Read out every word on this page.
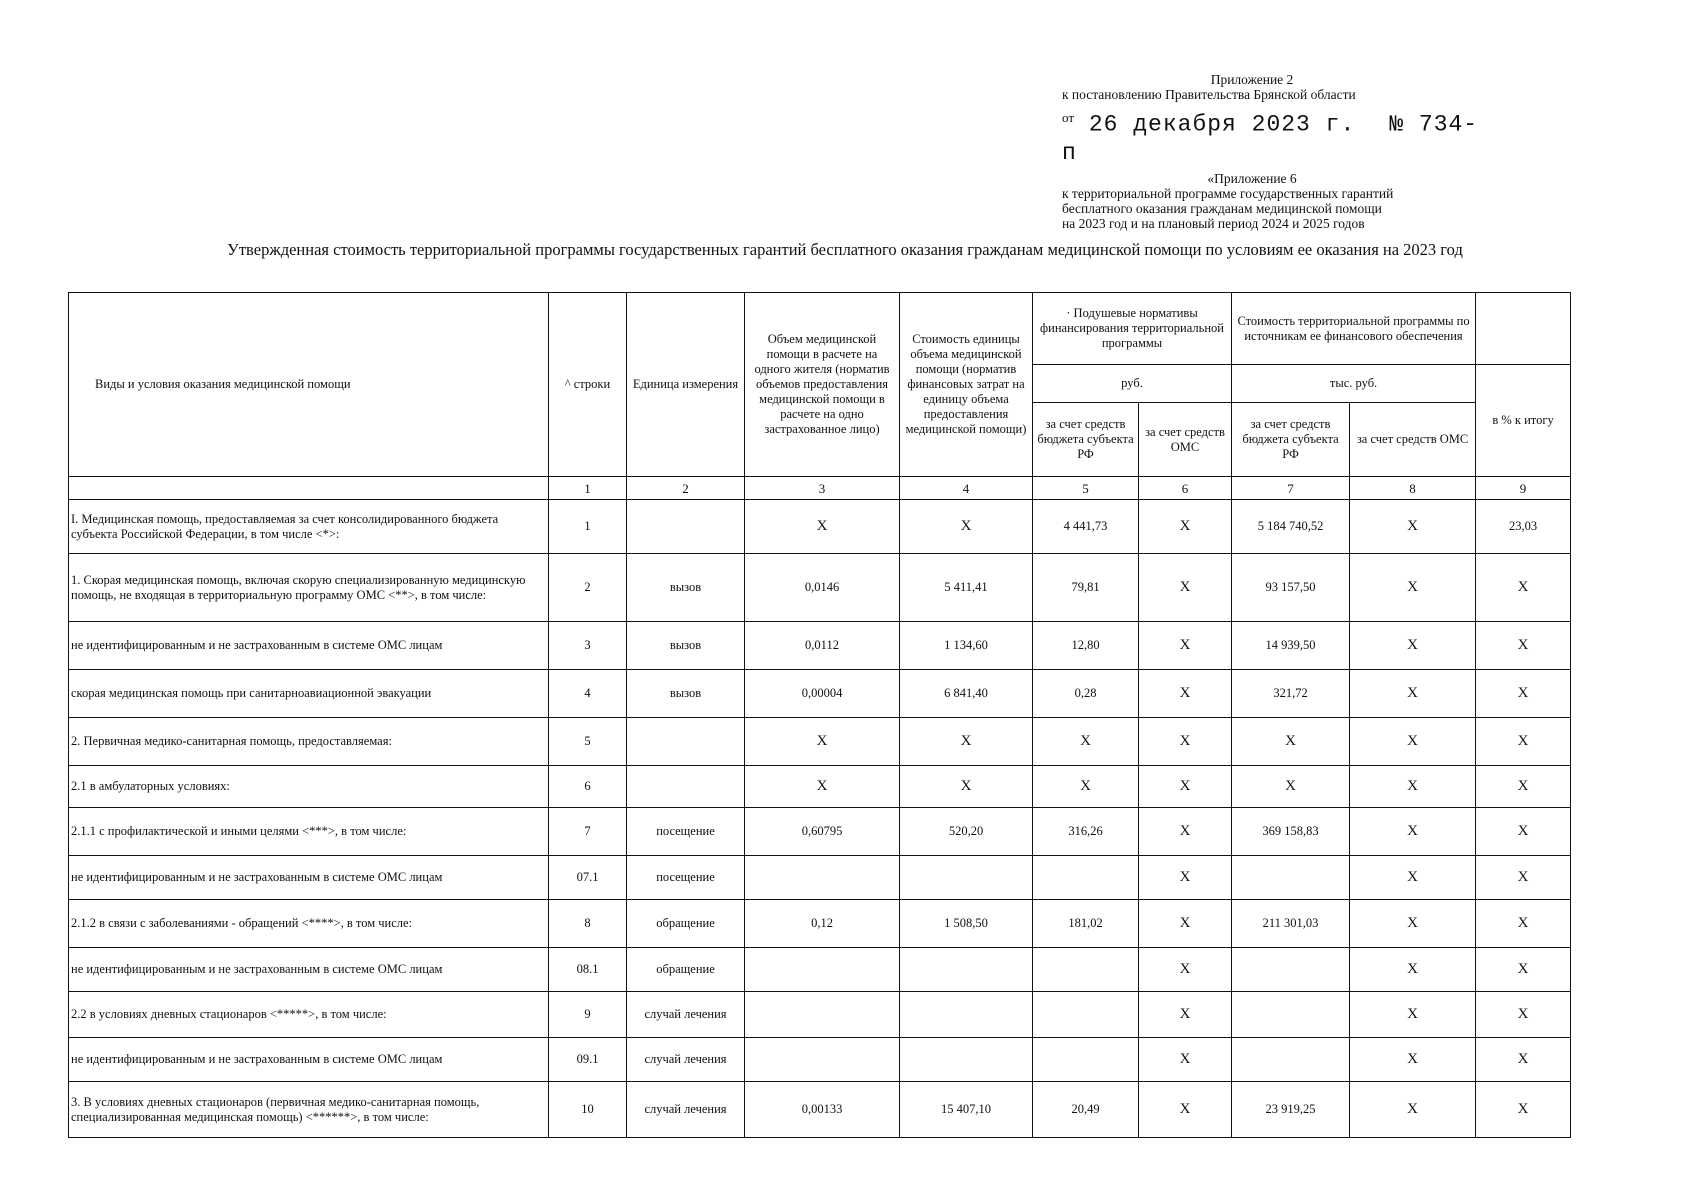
Приложение 2
к постановлению Правительства Брянской области
$^{от}$ 26 декабря 2023 г. № 734-п
«Приложение 6
к территориальной программе государственных гарантий
бесплатного оказания гражданам медицинской помощи
на 2023 год и на плановый период 2024 и 2025 годов
Утвержденная стоимость территориальной программы государственных гарантий бесплатного оказания гражданам медицинской помощи по условиям ее оказания на 2023 год
Виды и условия оказания медицинской помощи	^ строки	Единица измерения	Объем медицинской помощи в расчете на одного жителя (норматив объемов предоставления медицинской помощи в расчете на одно застрахованное лицо)	Стоимость единицы объема медицинской помощи (норматив финансовых затрат на единицу объема предоставления медицинской помощи)	· Подушевые нормативы финансирования территориальной программы		Стоимость территориальной программы по источникам ее финансового обеспечения		
					руб.		тыс. руб.		в % к итогу
					за счет средств бюджета субъекта РФ	за счет средств ОМС	за счет средств бюджета субъекта РФ	за счет средств ОМС	
	1	2	3	4	5	6	7	8	9
I. Медицинская помощь, предоставляемая за счет консолидированного бюджета субъекта Российской Федерации, в том числе <*>:	1		X	X	4 441,73	X	5 184 740,52	X	23,03
1. Скорая медицинская помощь, включая скорую специализированную медицинскую помощь, не входящая в территориальную программу ОМС <**>, в том числе:	2	вызов	0,0146	5 411,41	79,81	X	93 157,50	X	X
не идентифицированным и не застрахованным в системе ОМС лицам	3	вызов	0,0112	1 134,60	12,80	X	14 939,50	X	X
скорая медицинская помощь при санитарноавиационной эвакуации	4	вызов	0,00004	6 841,40	0,28	X	321,72	X	X
2. Первичная медико-санитарная помощь, предоставляемая:	5		X	X	X	X	X	X	X
2.1 в амбулаторных условиях:	6		X	X	X	X	X	X	X
2.1.1 с профилактической и иными целями <***>, в том числе:	7	посещение	0,60795	520,20	316,26	X	369 158,83	X	X
не идентифицированным и не застрахованным в системе ОМС лицам	07.1	посещение				X		X	X
2.1.2 в связи с заболеваниями - обращений <****>, в том числе:	8	обращение	0,12	1 508,50	181,02	X	211 301,03	X	X
не идентифицированным и не застрахованным в системе ОМС лицам	08.1	обращение				X		X	X
2.2 в условиях дневных стационаров <*****>, в том числе:	9	случай лечения				X		X	X
не идентифицированным и не застрахованным в системе ОМС лицам	09.1	случай лечения				X		X	X
3. В условиях дневных стационаров (первичная медико-санитарная помощь, специализированная медицинская помощь) <******>, в том числе:	10	случай лечения	0,00133	15 407,10	20,49	X	23 919,25	X	X
